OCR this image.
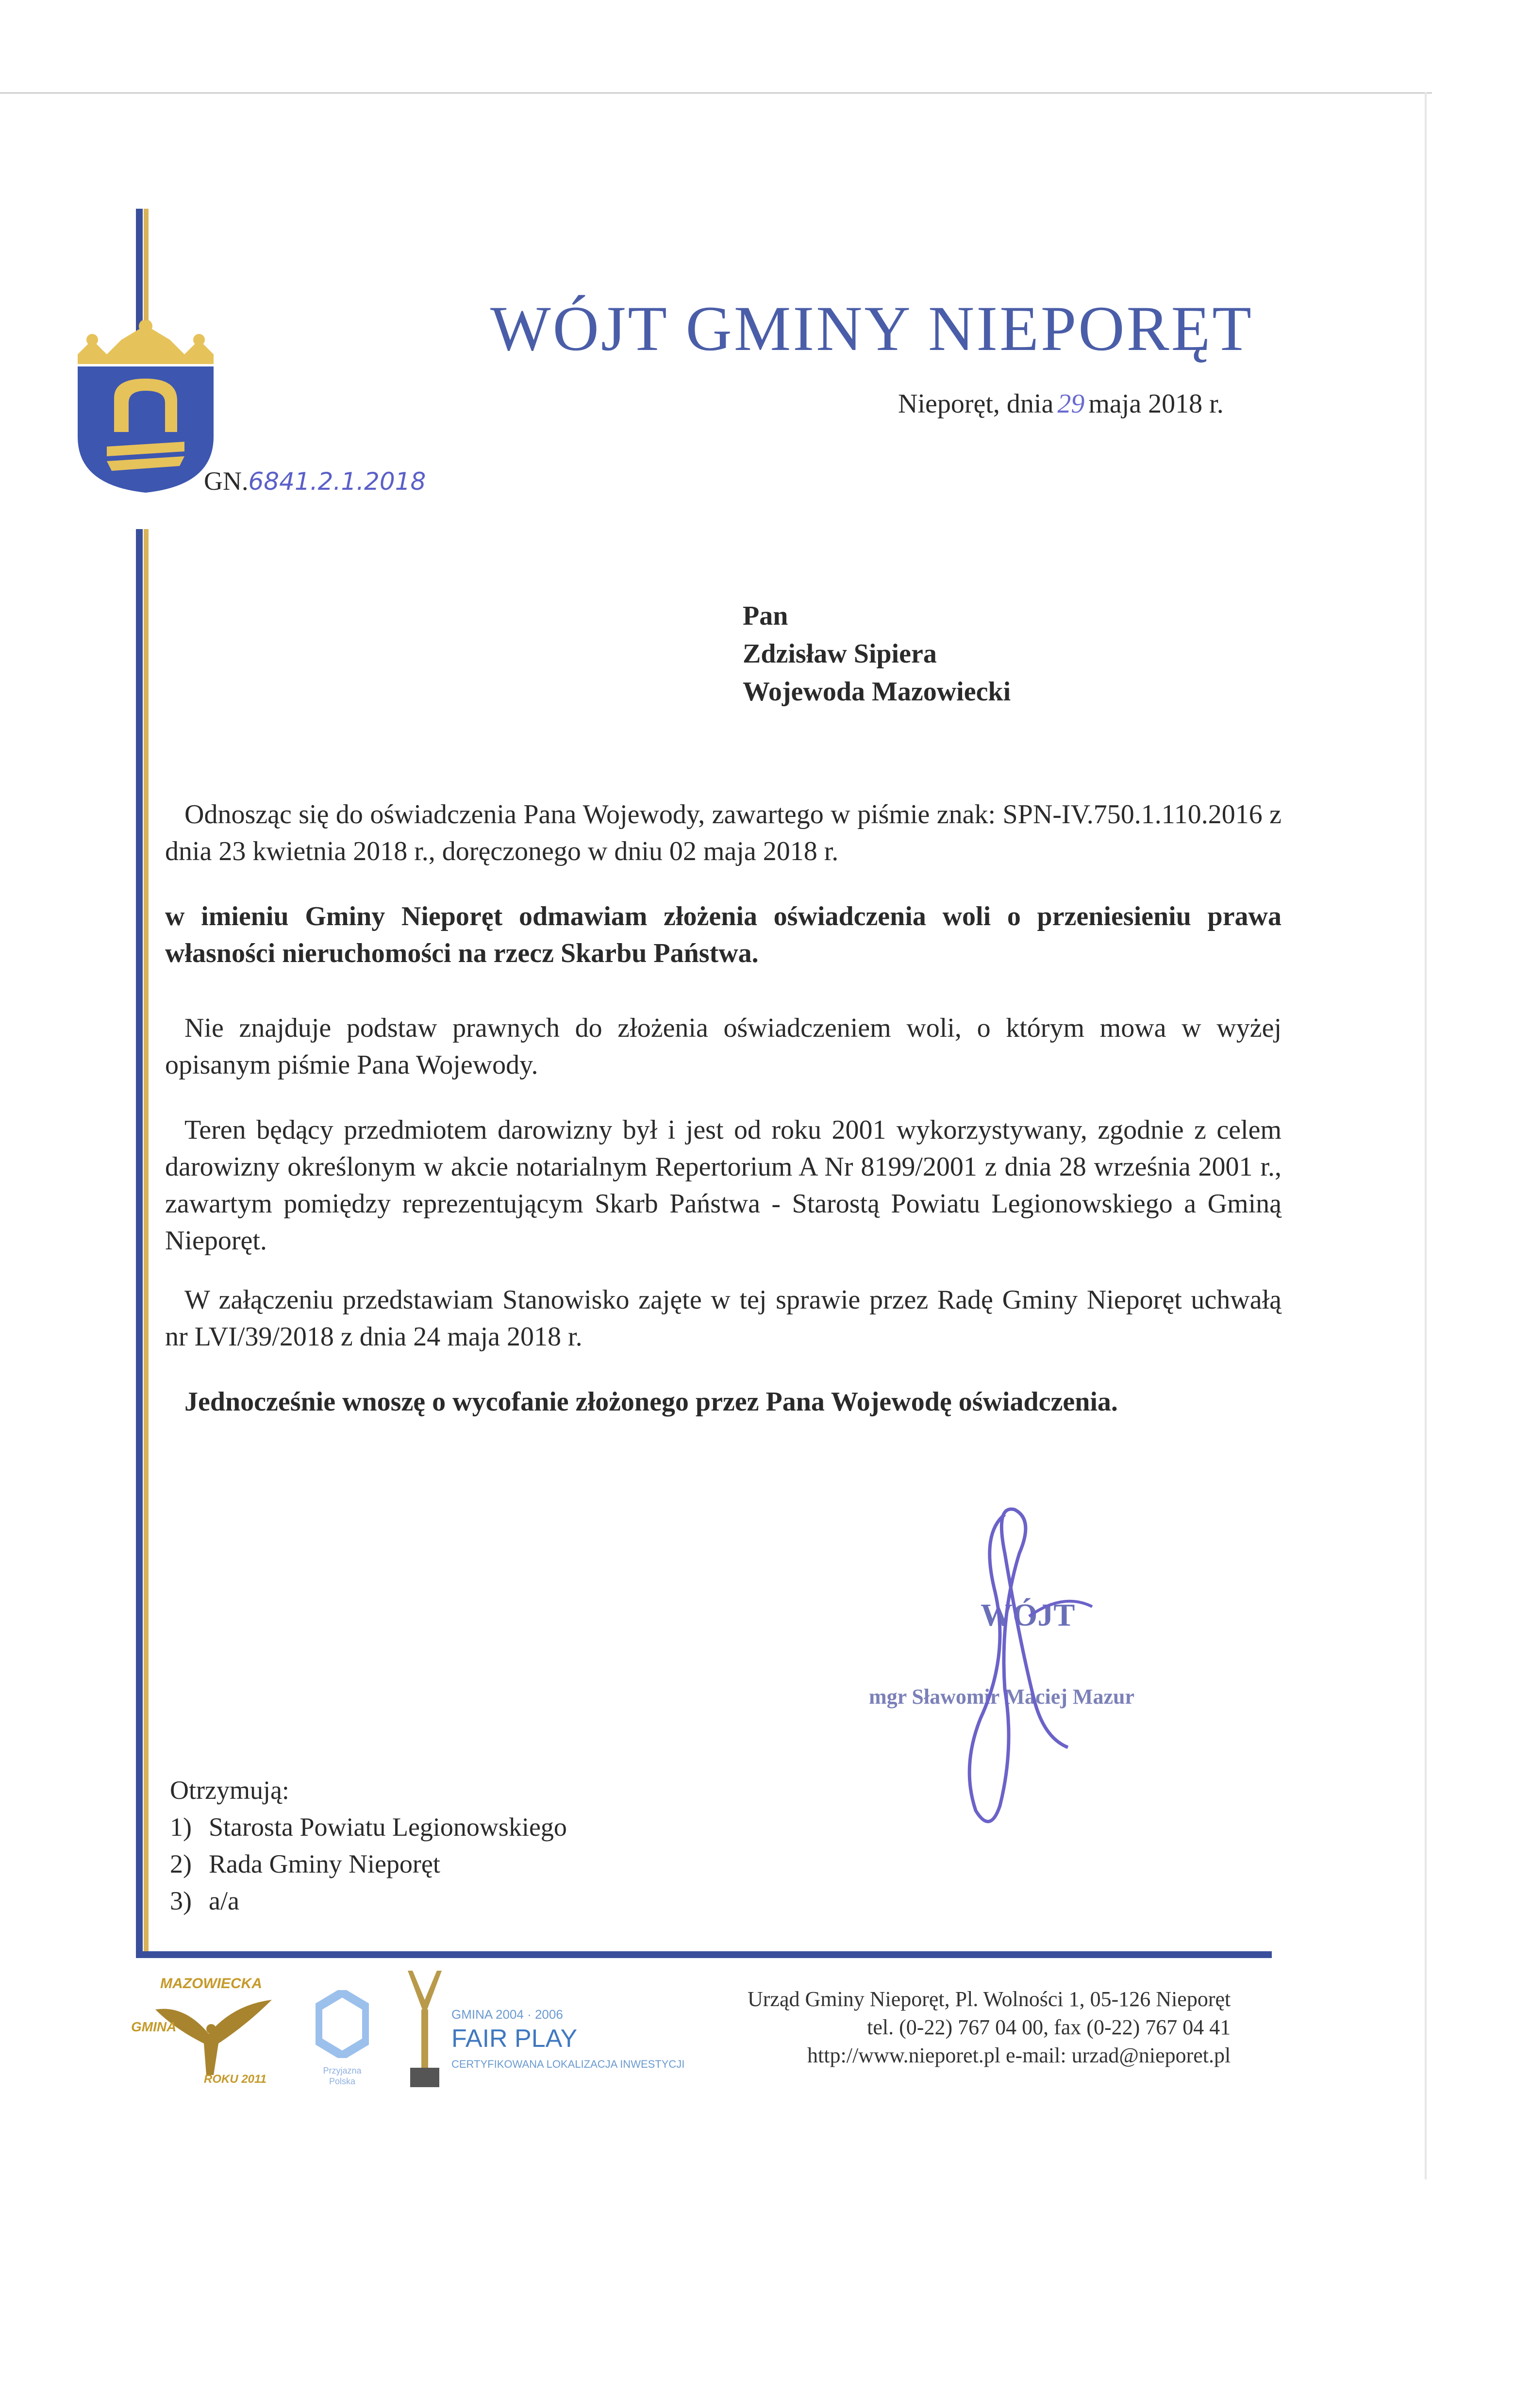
WÓJT GMINY NIEPORĘT
Nieporęt, dnia 29 maja 2018 r.
GN.6841.2.1.2018
Pan
Zdzisław Sipiera
Wojewoda Mazowiecki
Odnosząc się do oświadczenia Pana Wojewody, zawartego w piśmie znak: SPN-IV.750.1.110.2016 z dnia 23 kwietnia 2018 r., doręczonego w dniu 02 maja 2018 r.
w imieniu Gminy Nieporęt odmawiam złożenia oświadczenia woli o przeniesieniu prawa własności nieruchomości na rzecz Skarbu Państwa.
Nie znajduje podstaw prawnych do złożenia oświadczeniem woli, o którym mowa w wyżej opisanym piśmie Pana Wojewody.
Teren będący przedmiotem darowizny był i jest od roku 2001 wykorzystywany, zgodnie z celem darowizny określonym w akcie notarialnym Repertorium A Nr 8199/2001 z dnia 28 września 2001 r., zawartym pomiędzy reprezentującym Skarb Państwa - Starostą Powiatu Legionowskiego a Gminą Nieporęt.
W załączeniu przedstawiam Stanowisko zajęte w tej sprawie przez Radę Gminy Nieporęt uchwałą nr LVI/39/2018 z dnia 24 maja 2018 r.
Jednocześnie wnoszę o wycofanie złożonego przez Pana Wojewodę oświadczenia.
WÓJT
mgr Sławomir Maciej Mazur
Otrzymują:
1) Starosta Powiatu Legionowskiego
2) Rada Gminy Nieporęt
3) a/a
MAZOWIECKA
GMINA
ROKU 2011
Przyjazna Polska
GMINA 2004 · 2006
FAIR PLAY
CERTYFIKOWANA LOKALIZACJA INWESTYCJI
Urząd Gminy Nieporęt, Pl. Wolności 1, 05-126 Nieporęt
tel. (0-22) 767 04 00, fax (0-22) 767 04 41
http://www.nieporet.pl e-mail: urzad@nieporet.pl
